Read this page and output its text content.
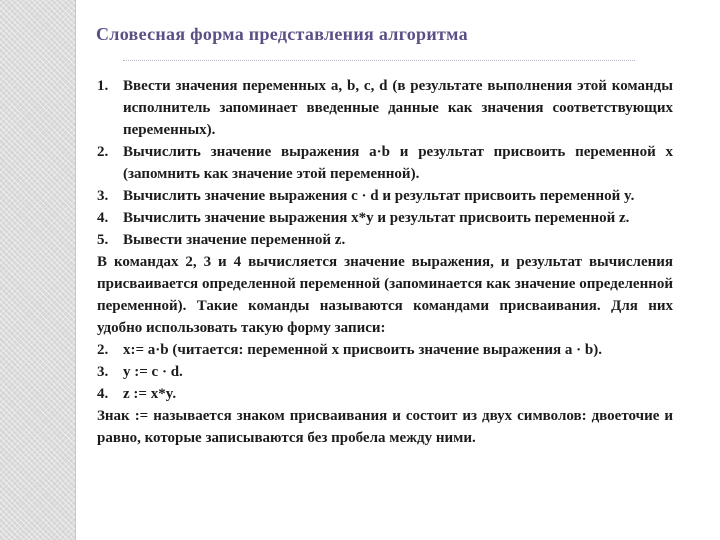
Словесная форма представления алгоритма
1. Ввести значения переменных a, b, c, d (в результате выполнения этой команды исполнитель запоминает введенные данные как значения соответствующих переменных).
2. Вычислить значение выражения a·b и результат присвоить переменной x (запомнить как значение этой переменной).
3. Вычислить значение выражения c · d и результат присвоить переменной y.
4. Вычислить значение выражения x*y и результат присвоить переменной z.
5. Вывести значение переменной z.
В командах 2, 3 и 4 вычисляется значение выражения, и результат вычисления присваивается определенной переменной (запоминается как значение определенной переменной). Такие команды называются командами присваивания. Для них удобно использовать такую форму записи:
2. x:= a·b (читается: переменной x присвоить значение выражения a · b).
3. y := c · d.
4. z := x*y.
Знак := называется знаком присваивания и состоит из двух символов: двоеточие и равно, которые записываются без пробела между ними.
